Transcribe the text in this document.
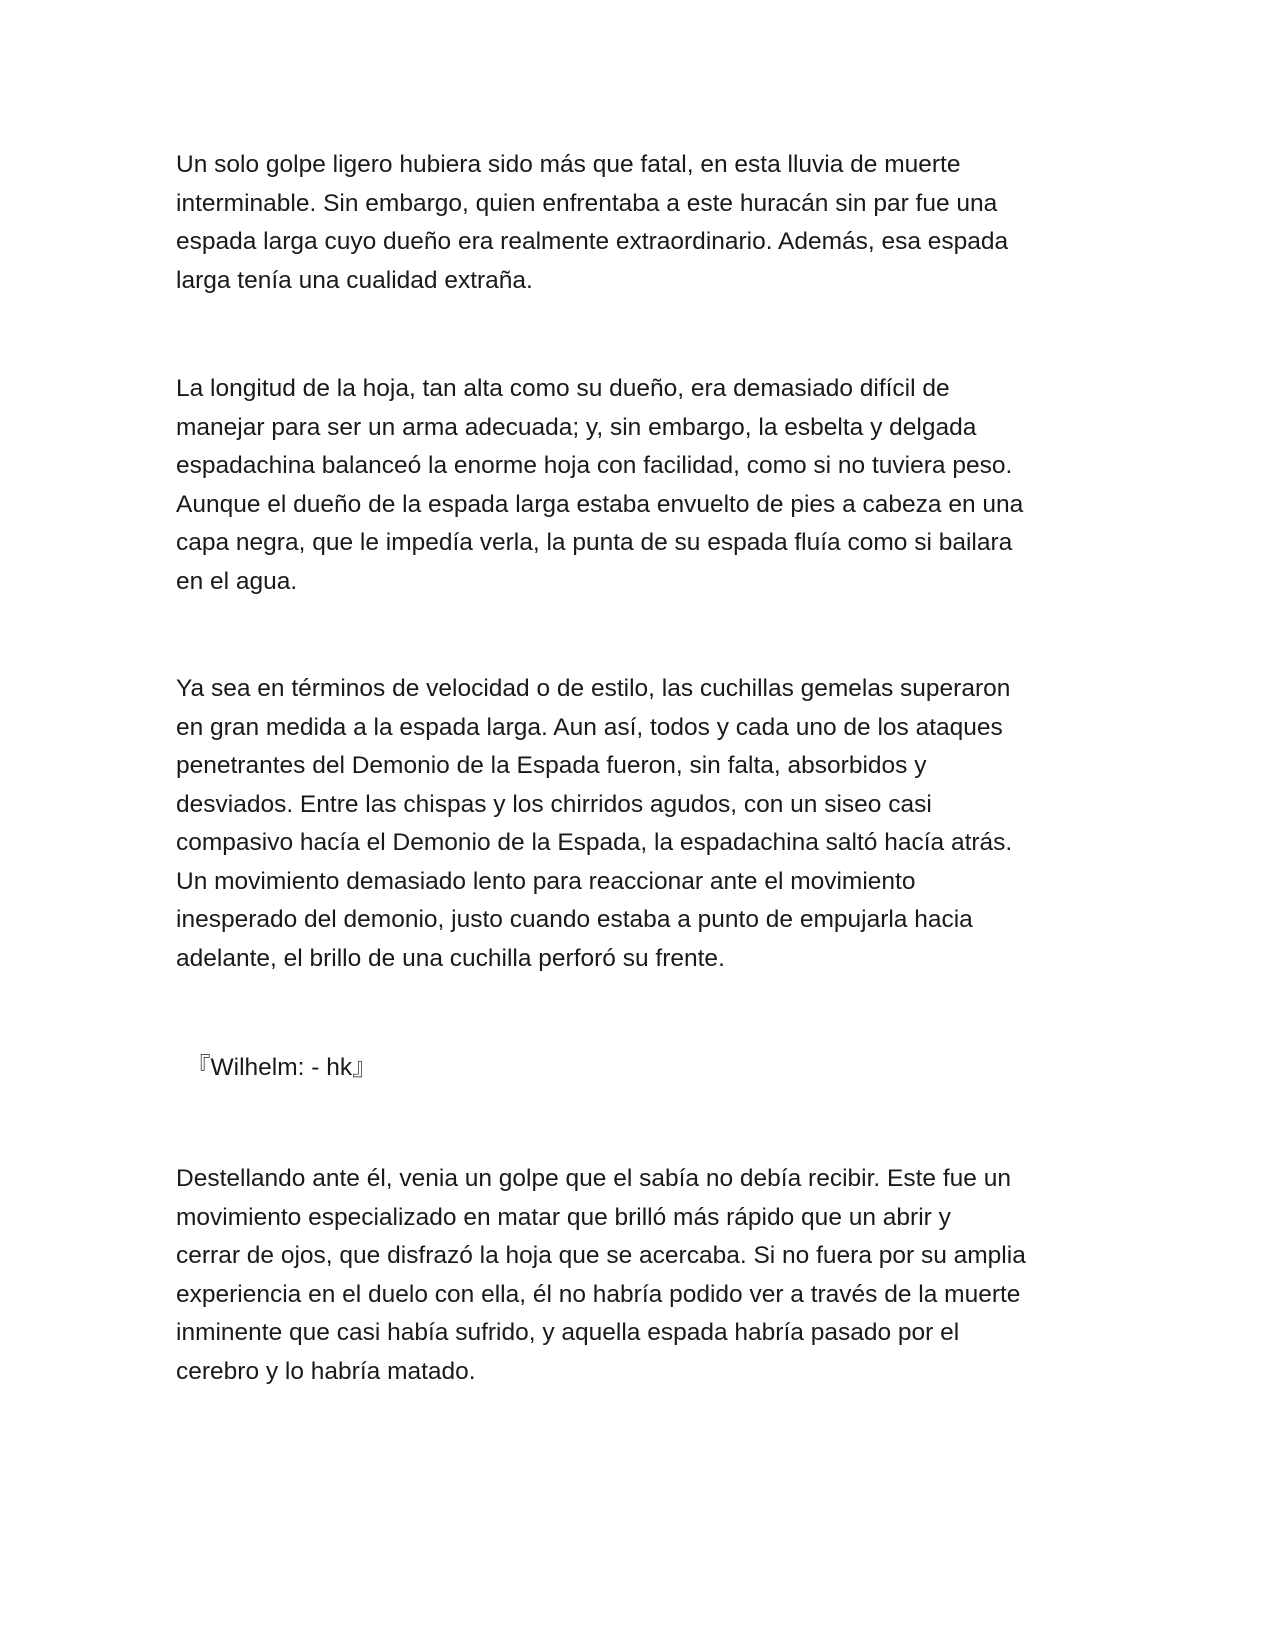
Un solo golpe ligero hubiera sido más que fatal, en esta lluvia de muerte
interminable. Sin embargo, quien enfrentaba a este huracán sin par fue una
espada larga cuyo dueño era realmente extraordinario. Además, esa espada
larga tenía una cualidad extraña.

La longitud de la hoja, tan alta como su dueño, era demasiado difícil de
manejar para ser un arma adecuada; y, sin embargo, la esbelta y delgada
espadachina balanceó la enorme hoja con facilidad, como si no tuviera peso.
Aunque el dueño de la espada larga estaba envuelto de pies a cabeza en una
capa negra, que le impedía verla, la punta de su espada fluía como si bailara
en el agua.

Ya sea en términos de velocidad o de estilo, las cuchillas gemelas superaron
en gran medida a la espada larga. Aun así, todos y cada uno de los ataques
penetrantes del Demonio de la Espada fueron, sin falta, absorbidos y
desviados. Entre las chispas y los chirridos agudos, con un siseo casi
compasivo hacía el Demonio de la Espada, la espadachina saltó hacía atrás.
Un movimiento demasiado lento para reaccionar ante el movimiento
inesperado del demonio, justo cuando estaba a punto de empujarla hacia
adelante, el brillo de una cuchilla perforó su frente.

『Wilhelm: - hk』

Destellando ante él, venia un golpe que el sabía no debía recibir. Este fue un
movimiento especializado en matar que brilló más rápido que un abrir y
cerrar de ojos, que disfrazó la hoja que se acercaba. Si no fuera por su amplia
experiencia en el duelo con ella, él no habría podido ver a través de la muerte
inminente que casi había sufrido, y aquella espada habría pasado por el
cerebro y lo habría matado.
